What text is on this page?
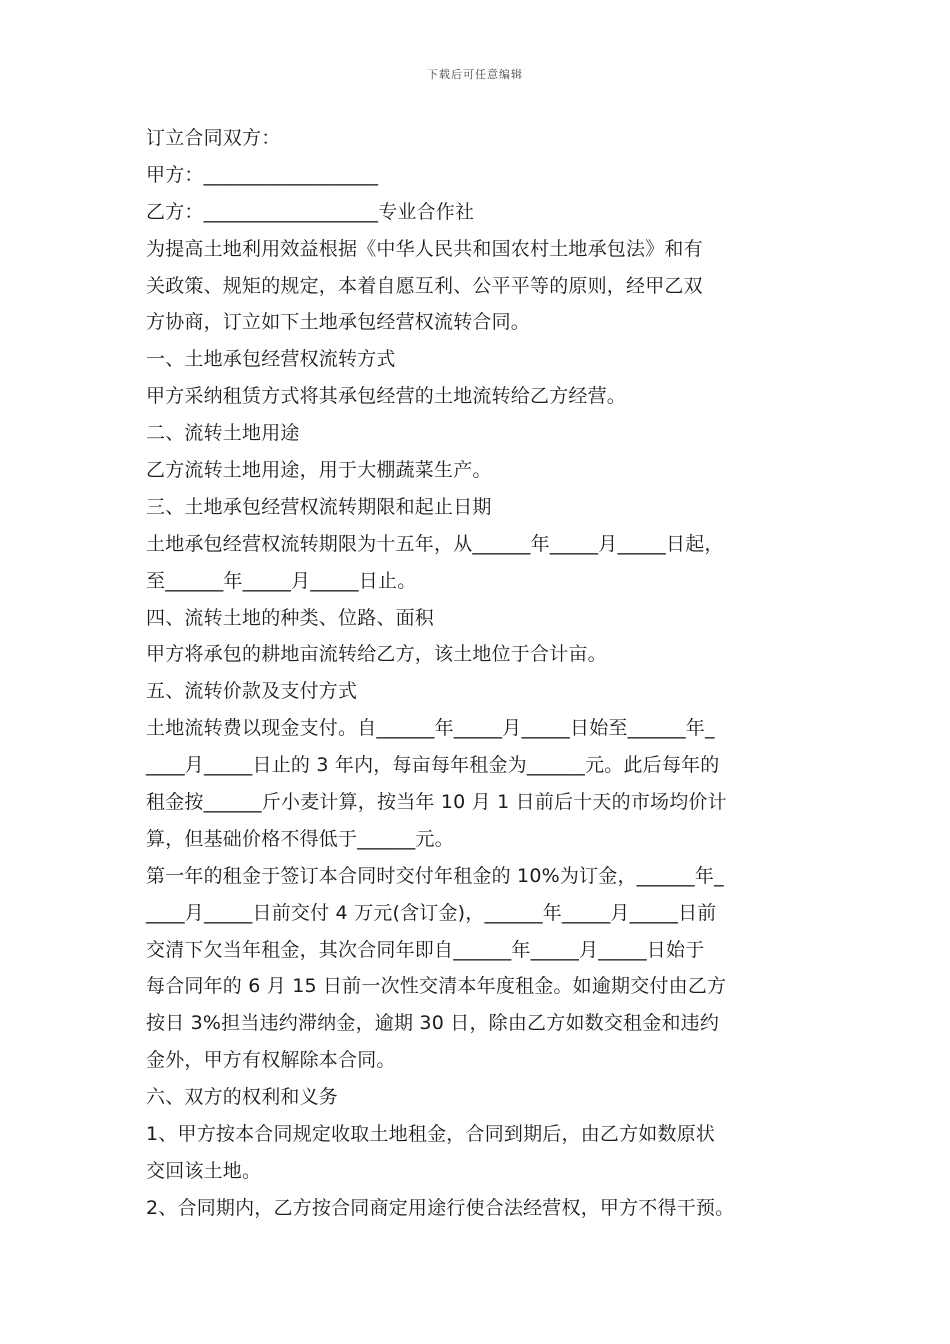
下载后可任意编辑
订立合同双方：
甲方：__________________
乙方：__________________专业合作社
为提高土地利用效益根据《中华人民共和国农村土地承包法》和有
关政策、规矩的规定，本着自愿互利、公平平等的原则，经甲乙双
方协商，订立如下土地承包经营权流转合同。
一、土地承包经营权流转方式
甲方采纳租赁方式将其承包经营的土地流转给乙方经营。
二、流转土地用途
乙方流转土地用途，用于大棚蔬菜生产。
三、土地承包经营权流转期限和起止日期
土地承包经营权流转期限为十五年，从______年_____月_____日起，
至______年_____月_____日止。
四、流转土地的种类、位路、面积
甲方将承包的耕地亩流转给乙方，该土地位于合计亩。
五、流转价款及支付方式
土地流转费以现金支付。自______年_____月_____日始至______年_
____月_____日止的 3 年内，每亩每年租金为______元。此后每年的
租金按______斤小麦计算，按当年 10 月 1 日前后十天的市场均价计
算，但基础价格不得低于______元。
第一年的租金于签订本合同时交付年租金的 10%为订金，______年_
____月_____日前交付 4 万元(含订金)，______年_____月_____日前
交清下欠当年租金，其次合同年即自______年_____月_____日始于
每合同年的 6 月 15 日前一次性交清本年度租金。如逾期交付由乙方
按日 3%担当违约滞纳金，逾期 30 日，除由乙方如数交租金和违约
金外，甲方有权解除本合同。
六、双方的权利和义务
1、甲方按本合同规定收取土地租金，合同到期后，由乙方如数原状
交回该土地。
2、合同期内，乙方按合同商定用途行使合法经营权，甲方不得干预。
